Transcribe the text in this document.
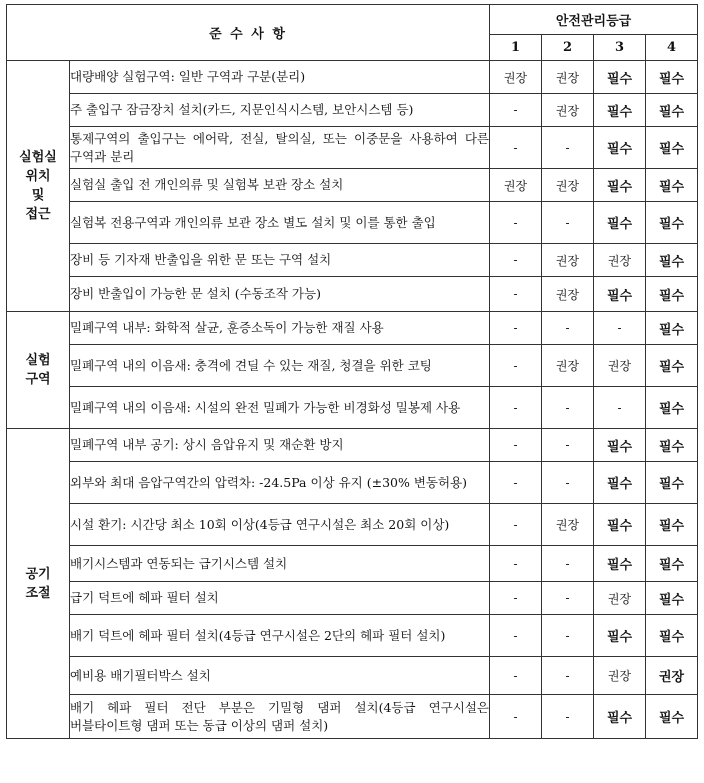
준 수 사 항		안전관리등급			
		1	2	3	4
실험실
위치
및
접근	대량배양 실험구역: 일반 구역과 구분(분리)	권장	권장	필수	필수
	주 출입구 잠금장치 설치(카드, 지문인식시스템, 보안시스템 등)	-	권장	필수	필수
	통제구역의 출입구는 에어락, 전실, 탈의실, 또는 이중문을 사용하여 다른 구역과 분리	-	-	필수	필수
	실험실 출입 전 개인의류 및 실험복 보관 장소 설치	권장	권장	필수	필수
	실험복 전용구역과 개인의류 보관 장소 별도 설치 및 이를 통한 출입	-	-	필수	필수
	장비 등 기자재 반출입을 위한 문 또는 구역 설치	-	권장	권장	필수
	장비 반출입이 가능한 문 설치 (수동조작 가능)	-	권장	필수	필수
실험
구역	밀폐구역 내부: 화학적 살균, 훈증소독이 가능한 재질 사용	-	-	-	필수
	밀폐구역 내의 이음새: 충격에 견딜 수 있는 재질, 청결을 위한 코팅	-	권장	권장	필수
	밀폐구역 내의 이음새: 시설의 완전 밀폐가 가능한 비경화성 밀봉제 사용	-	-	-	필수
공기
조절	밀폐구역 내부 공기: 상시 음압유지 및 재순환 방지	-	-	필수	필수
	외부와 최대 음압구역간의 압력차: -24.5Pa 이상 유지 (±30% 변동허용)	-	-	필수	필수
	시설 환기: 시간당 최소 10회 이상(4등급 연구시설은 최소 20회 이상)	-	권장	필수	필수
	배기시스템과 연동되는 급기시스템 설치	-	-	필수	필수
	급기 덕트에 헤파 필터 설치	-	-	권장	필수
	배기 덕트에 헤파 필터 설치(4등급 연구시설은 2단의 헤파 필터 설치)	-	-	필수	필수
	예비용 배기필터박스 설치	-	-	권장	권장
	배기 헤파 필터 전단 부분은 기밀형 댐퍼 설치(4등급 연구시설은 버블타이트형 댐퍼 또는 동급 이상의 댐퍼 설치)	-	-	필수	필수
